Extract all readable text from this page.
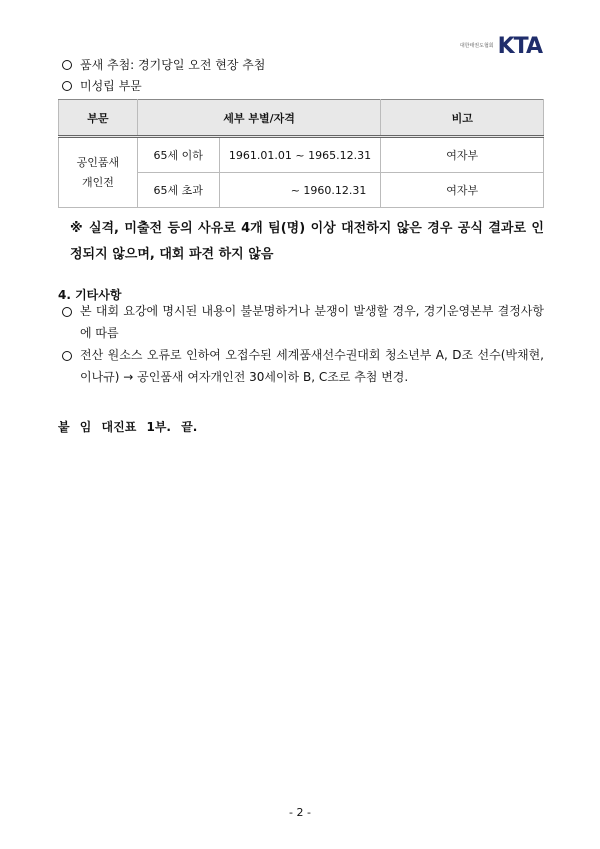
대한태권도협회 KTA
품새 추첨: 경기당일 오전 현장 추첨
미성립 부문
부문	세부 부별/자격		비고
공인품새
개인전	65세 이하	1961.01.01 ~ 1965.12.31	여자부
	65세 초과	~ 1960.12.31	여자부
※ 실격, 미출전 등의 사유로 4개 팀(명) 이상 대전하지 않은 경우 공식 결과로 인정되지 않으며, 대회 파견 하지 않음
4. 기타사항
본 대회 요강에 명시된 내용이 불분명하거나 분쟁이 발생할 경우, 경기운영본부 결정사항에 따름
전산 원소스 오류로 인하여 오접수된 세계품새선수권대회 청소년부 A, D조 선수(박채현, 이나규) → 공인품새 여자개인전 30세이하 B, C조로 추첨 변경.
붙 임 대진표 1부. 끝.
- 2 -
